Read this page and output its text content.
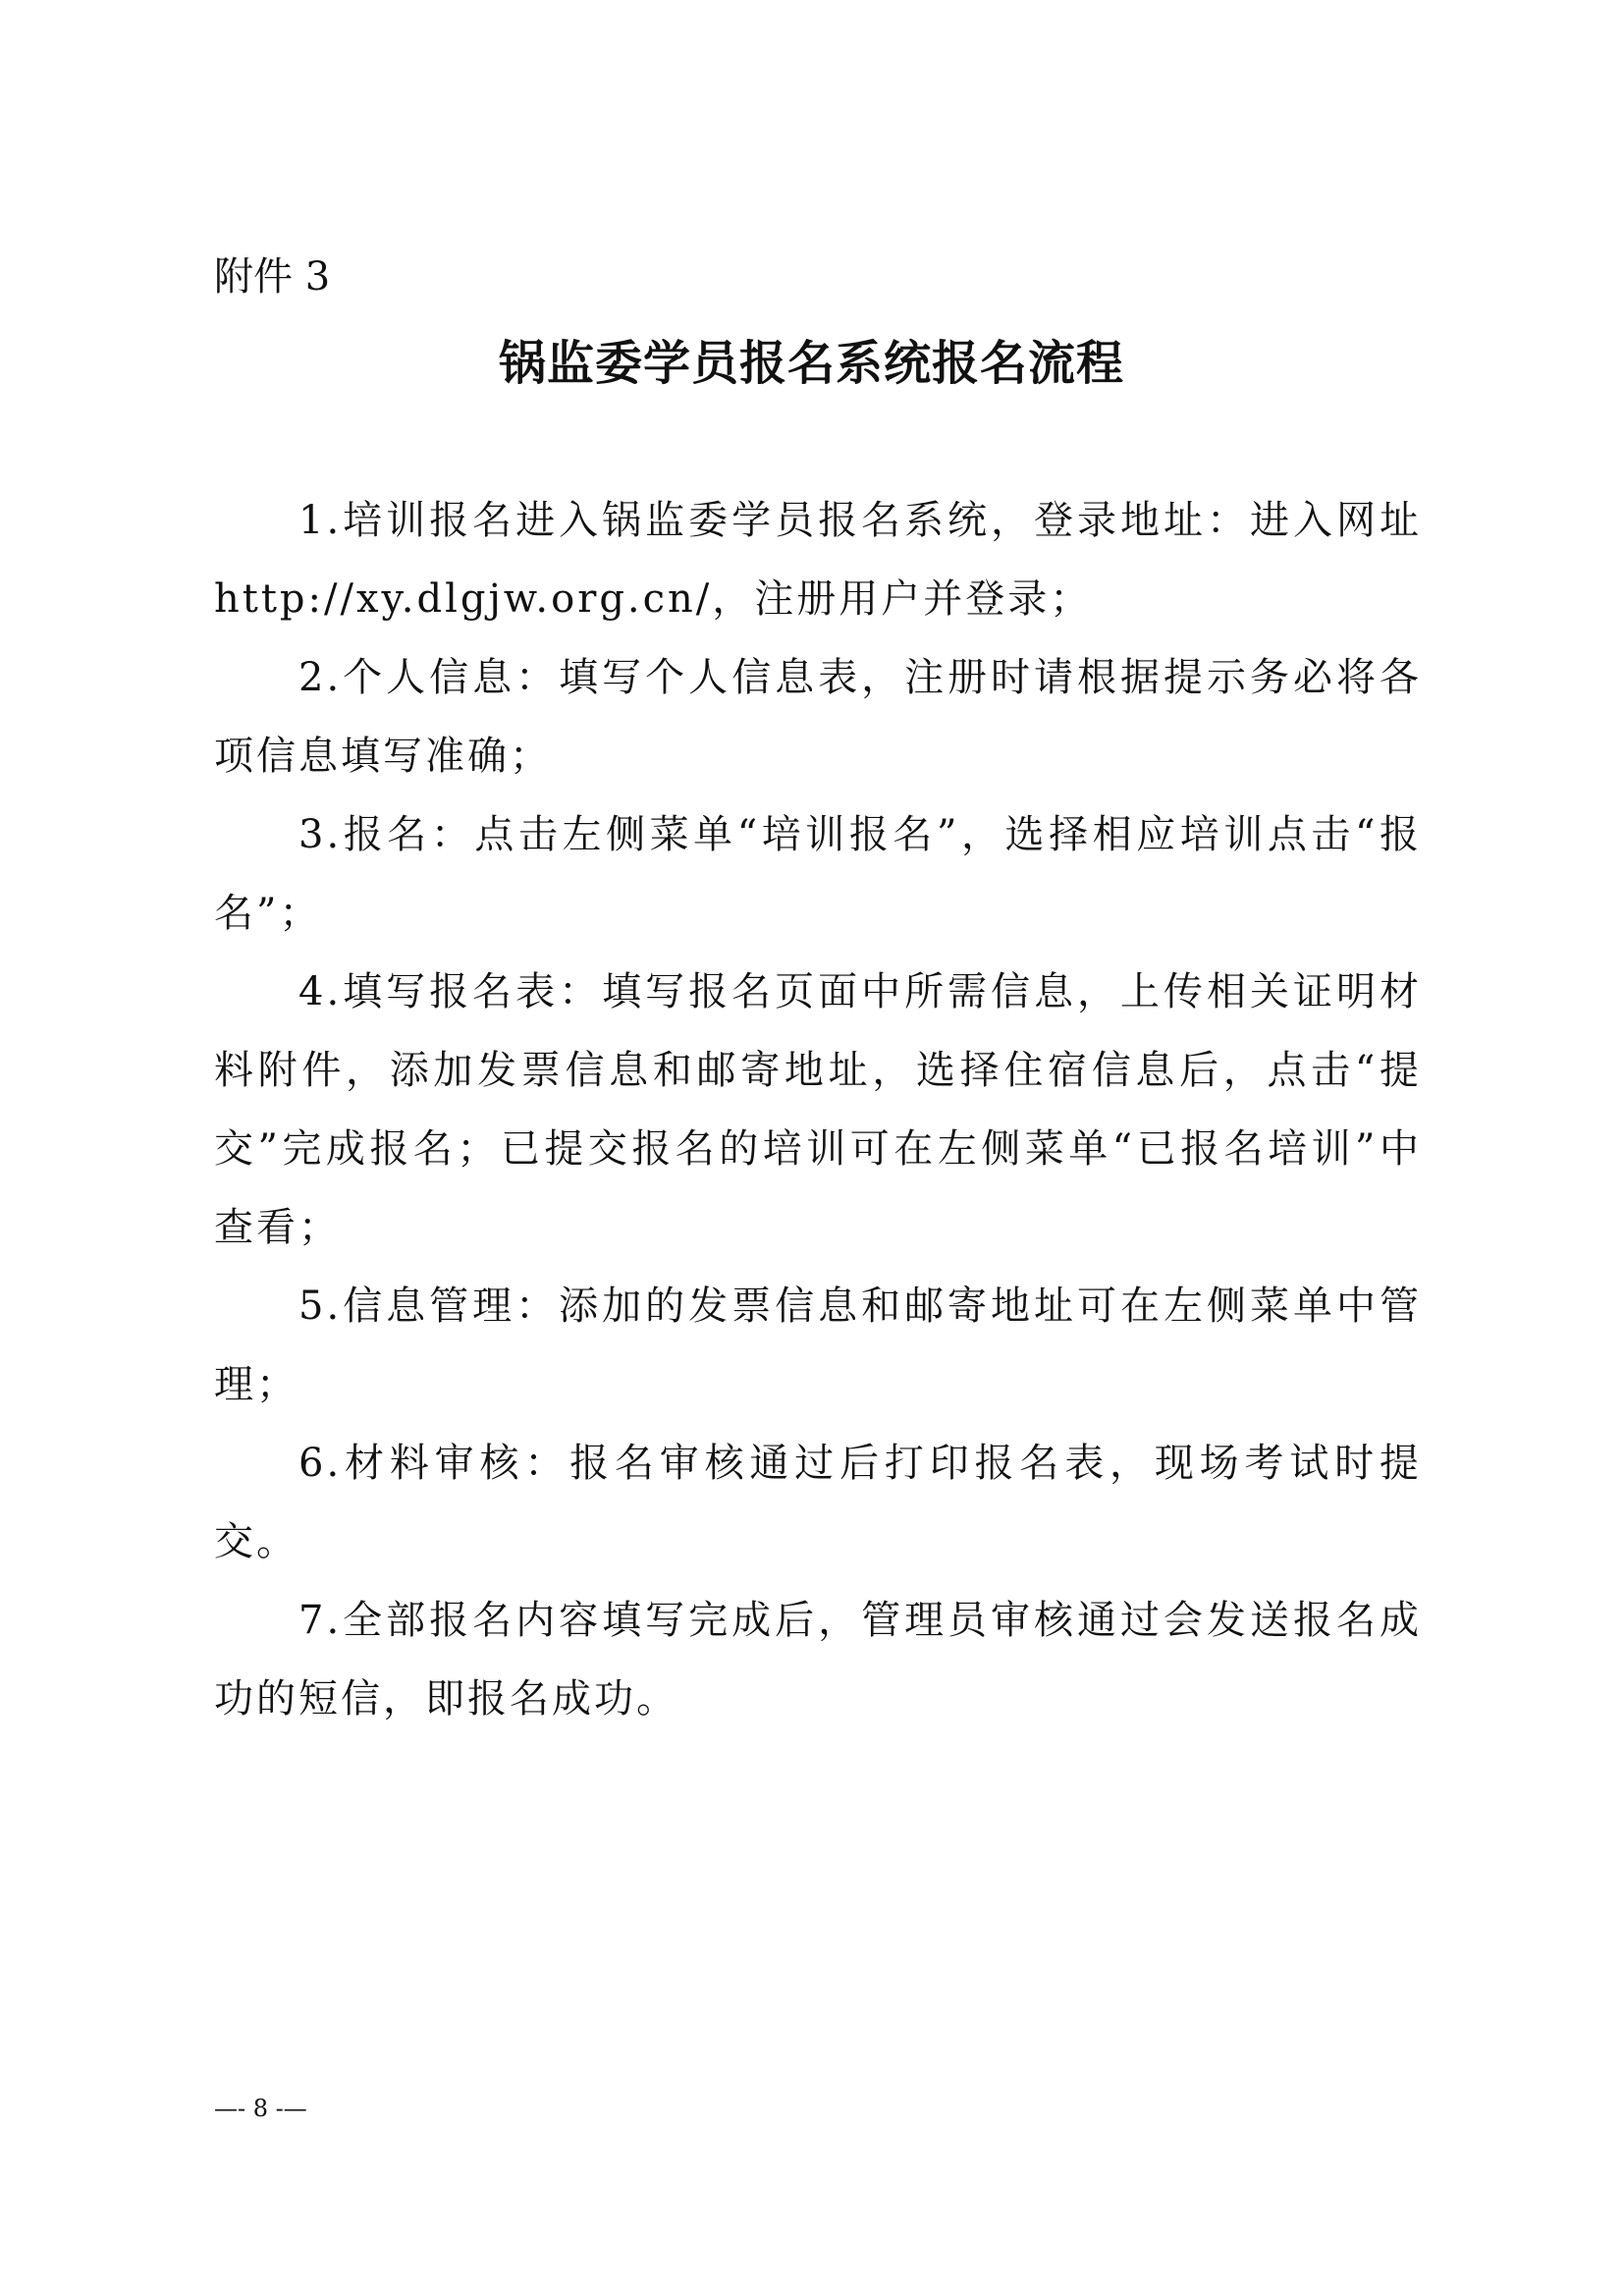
附件 3
锅监委学员报名系统报名流程

1.培训报名进入锅监委学员报名系统，登录地址：进入网址http://xy.dlgjw.org.cn/，注册用户并登录；

2.个人信息：填写个人信息表，注册时请根据提示务必将各项信息填写准确；

3.报名：点击左侧菜单“培训报名”，选择相应培训点击“报名”；

4.填写报名表：填写报名页面中所需信息，上传相关证明材料附件，添加发票信息和邮寄地址，选择住宿信息后，点击“提交”完成报名；已提交报名的培训可在左侧菜单“已报名培训”中查看；

5.信息管理：添加的发票信息和邮寄地址可在左侧菜单中管理；

6.材料审核：报名审核通过后打印报名表，现场考试时提交。

7.全部报名内容填写完成后，管理员审核通过会发送报名成功的短信，即报名成功。

—- 8 -—
